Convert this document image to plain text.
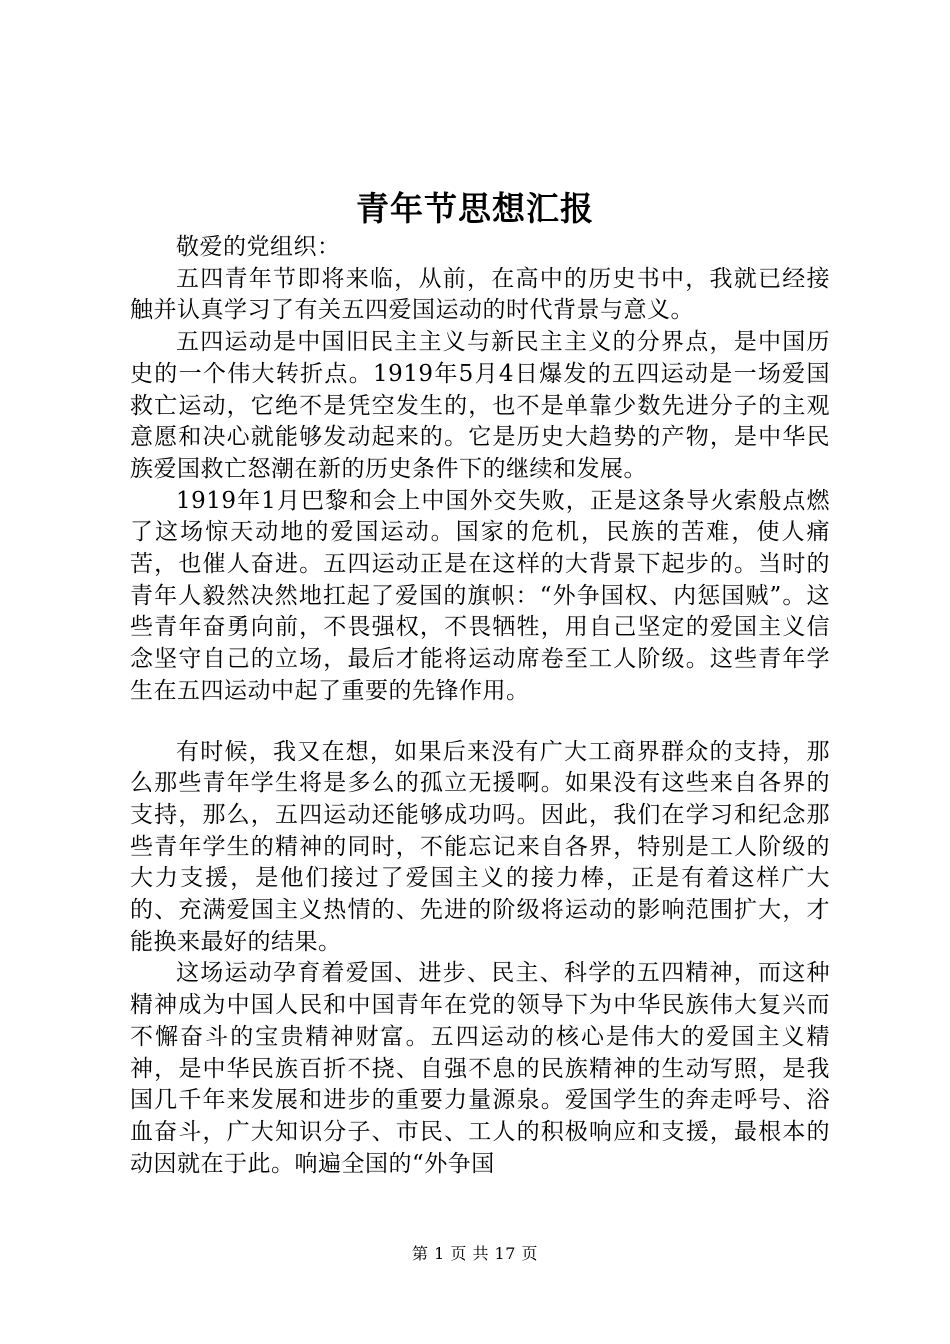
青年节思想汇报

敬爱的党组织：

五四青年节即将来临，从前，在高中的历史书中，我就已经接触并认真学习了有关五四爱国运动的时代背景与意义。

五四运动是中国旧民主主义与新民主主义的分界点，是中国历史的一个伟大转折点。1919年5月4日爆发的五四运动是一场爱国救亡运动，它绝不是凭空发生的，也不是单靠少数先进分子的主观意愿和决心就能够发动起来的。它是历史大趋势的产物，是中华民族爱国救亡怒潮在新的历史条件下的继续和发展。

1919年1月巴黎和会上中国外交失败，正是这条导火索般点燃了这场惊天动地的爱国运动。国家的危机，民族的苦难，使人痛苦，也催人奋进。五四运动正是在这样的大背景下起步的。当时的青年人毅然决然地扛起了爱国的旗帜：“外争国权、内惩国贼”。这些青年奋勇向前，不畏强权，不畏牺牲，用自己坚定的爱国主义信念坚守自己的立场，最后才能将运动席卷至工人阶级。这些青年学生在五四运动中起了重要的先锋作用。

有时候，我又在想，如果后来没有广大工商界群众的支持，那么那些青年学生将是多么的孤立无援啊。如果没有这些来自各界的支持，那么，五四运动还能够成功吗。因此，我们在学习和纪念那些青年学生的精神的同时，不能忘记来自各界，特别是工人阶级的大力支援，是他们接过了爱国主义的接力棒，正是有着这样广大的、充满爱国主义热情的、先进的阶级将运动的影响范围扩大，才能换来最好的结果。

这场运动孕育着爱国、进步、民主、科学的五四精神，而这种精神成为中国人民和中国青年在党的领导下为中华民族伟大复兴而不懈奋斗的宝贵精神财富。五四运动的核心是伟大的爱国主义精神，是中华民族百折不挠、自强不息的民族精神的生动写照，是我国几千年来发展和进步的重要力量源泉。爱国学生的奔走呼号、浴血奋斗，广大知识分子、市民、工人的积极响应和支援，最根本的动因就在于此。响遍全国的“外争国

第 1 页 共 17 页
